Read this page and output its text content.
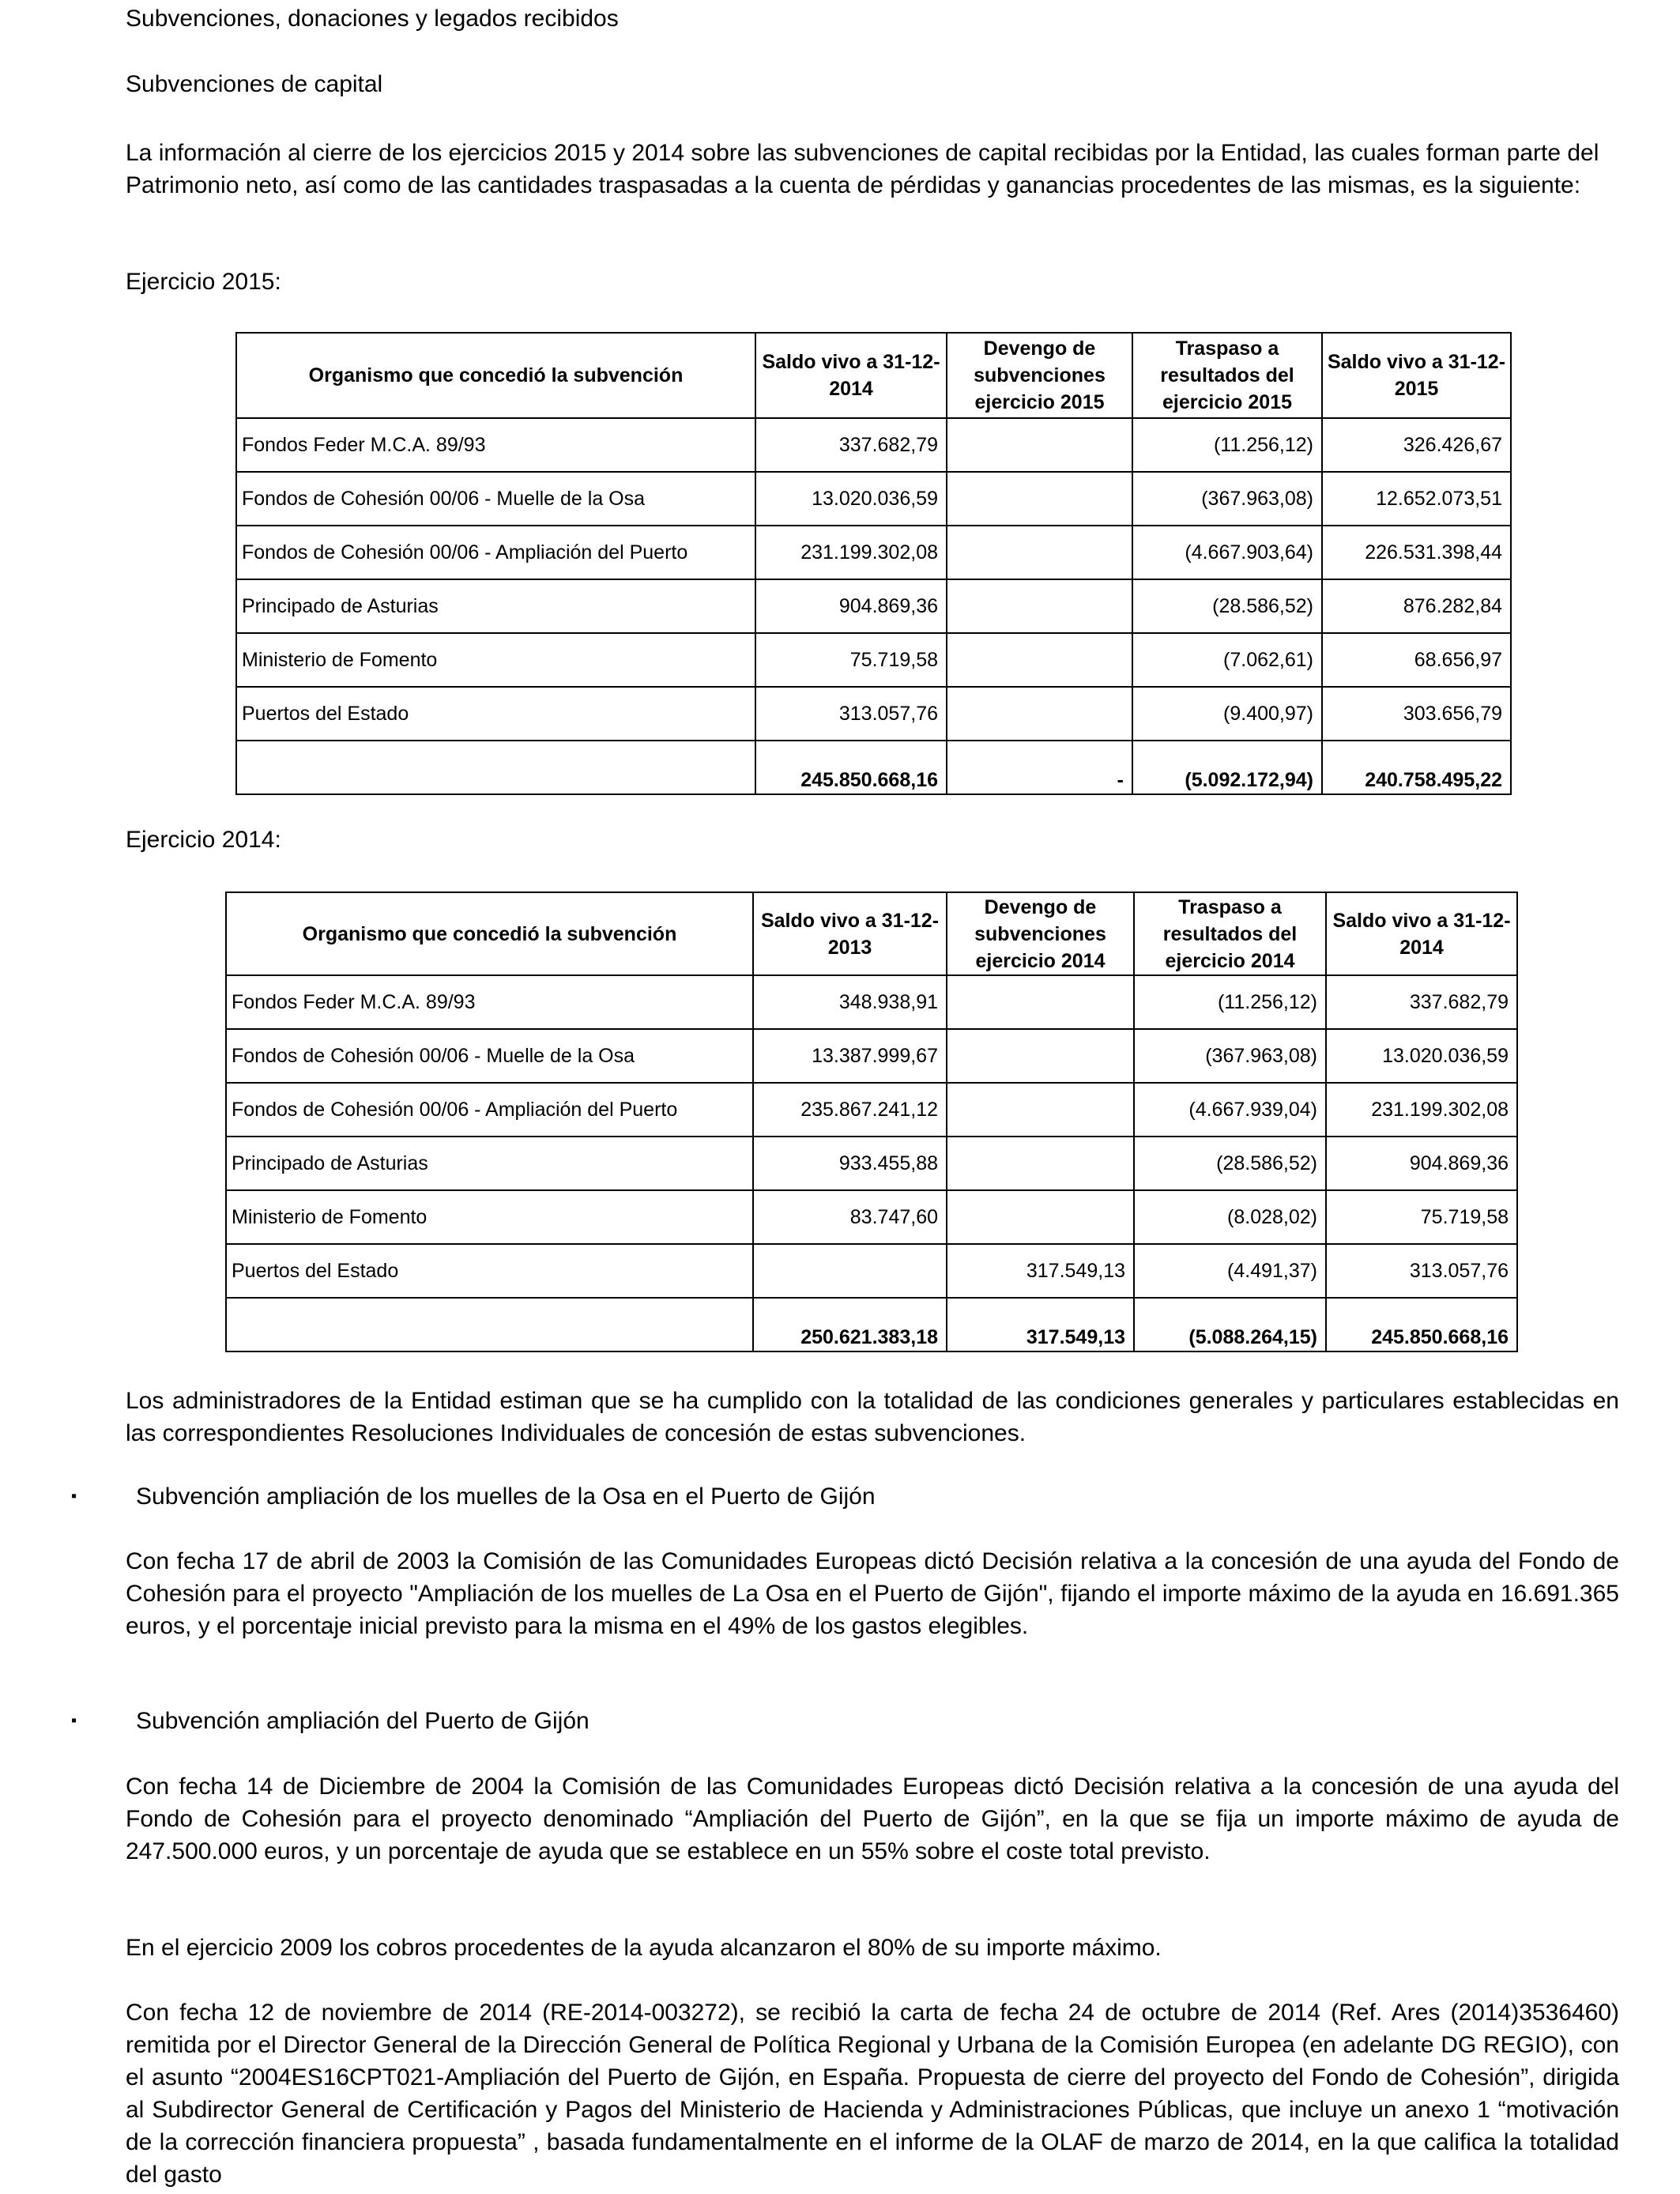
Subvenciones, donaciones y legados recibidos

Subvenciones de capital

La información al cierre de los ejercicios 2015 y 2014 sobre las subvenciones de capital recibidas por la Entidad, las cuales forman parte del Patrimonio neto, así como de las cantidades traspasadas a la cuenta de pérdidas y ganancias procedentes de las mismas, es la siguiente:

Ejercicio 2015:

Organismo que concedió la subvención	Saldo vivo a 31-12-2014	Devengo de subvenciones ejercicio 2015	Traspaso a resultados del ejercicio 2015	Saldo vivo a 31-12-2015
Fondos Feder M.C.A. 89/93	337.682,79		(11.256,12)	326.426,67
Fondos de Cohesión 00/06 - Muelle de la Osa	13.020.036,59		(367.963,08)	12.652.073,51
Fondos de Cohesión 00/06 - Ampliación del Puerto	231.199.302,08		(4.667.903,64)	226.531.398,44
Principado de Asturias	904.869,36		(28.586,52)	876.282,84
Ministerio de Fomento	75.719,58		(7.062,61)	68.656,97
Puertos del Estado	313.057,76		(9.400,97)	303.656,79
	245.850.668,16	-	(5.092.172,94)	240.758.495,22

Ejercicio 2014:

Organismo que concedió la subvención	Saldo vivo a 31-12-2013	Devengo de subvenciones ejercicio 2014	Traspaso a resultados del ejercicio 2014	Saldo vivo a 31-12-2014
Fondos Feder M.C.A. 89/93	348.938,91		(11.256,12)	337.682,79
Fondos de Cohesión 00/06 - Muelle de la Osa	13.387.999,67		(367.963,08)	13.020.036,59
Fondos de Cohesión 00/06 - Ampliación del Puerto	235.867.241,12		(4.667.939,04)	231.199.302,08
Principado de Asturias	933.455,88		(28.586,52)	904.869,36
Ministerio de Fomento	83.747,60		(8.028,02)	75.719,58
Puertos del Estado		317.549,13	(4.491,37)	313.057,76
	250.621.383,18	317.549,13	(5.088.264,15)	245.850.668,16

Los administradores de la Entidad estiman que se ha cumplido con la totalidad de las condiciones generales y particulares establecidas en las correspondientes Resoluciones Individuales de concesión de estas subvenciones.

▪ Subvención ampliación de los muelles de la Osa en el Puerto de Gijón

Con fecha 17 de abril de 2003 la Comisión de las Comunidades Europeas dictó Decisión relativa a la concesión de una ayuda del Fondo de Cohesión para el proyecto "Ampliación de los muelles de La Osa en el Puerto de Gijón", fijando el importe máximo de la ayuda en 16.691.365 euros, y el porcentaje inicial previsto para la misma en el 49% de los gastos elegibles.

▪ Subvención ampliación del Puerto de Gijón

Con fecha 14 de Diciembre de 2004 la Comisión de las Comunidades Europeas dictó Decisión relativa a la concesión de una ayuda del Fondo de Cohesión para el proyecto denominado “Ampliación del Puerto de Gijón”, en la que se fija un importe máximo de ayuda de 247.500.000 euros, y un porcentaje de ayuda que se establece en un 55% sobre el coste total previsto.

En el ejercicio 2009 los cobros procedentes de la ayuda alcanzaron el 80% de su importe máximo.

Con fecha 12 de noviembre de 2014 (RE-2014-003272), se recibió la carta de fecha 24 de octubre de 2014 (Ref. Ares (2014)3536460) remitida por el Director General de la Dirección General de Política Regional y Urbana de la Comisión Europea (en adelante DG REGIO), con el asunto “2004ES16CPT021-Ampliación del Puerto de Gijón, en España. Propuesta de cierre del proyecto del Fondo de Cohesión”, dirigida al Subdirector General de Certificación y Pagos del Ministerio de Hacienda y Administraciones Públicas, que incluye un anexo 1 “motivación de la corrección financiera propuesta” , basada fundamentalmente en el informe de la OLAF de marzo de 2014, en la que califica la totalidad del gasto
